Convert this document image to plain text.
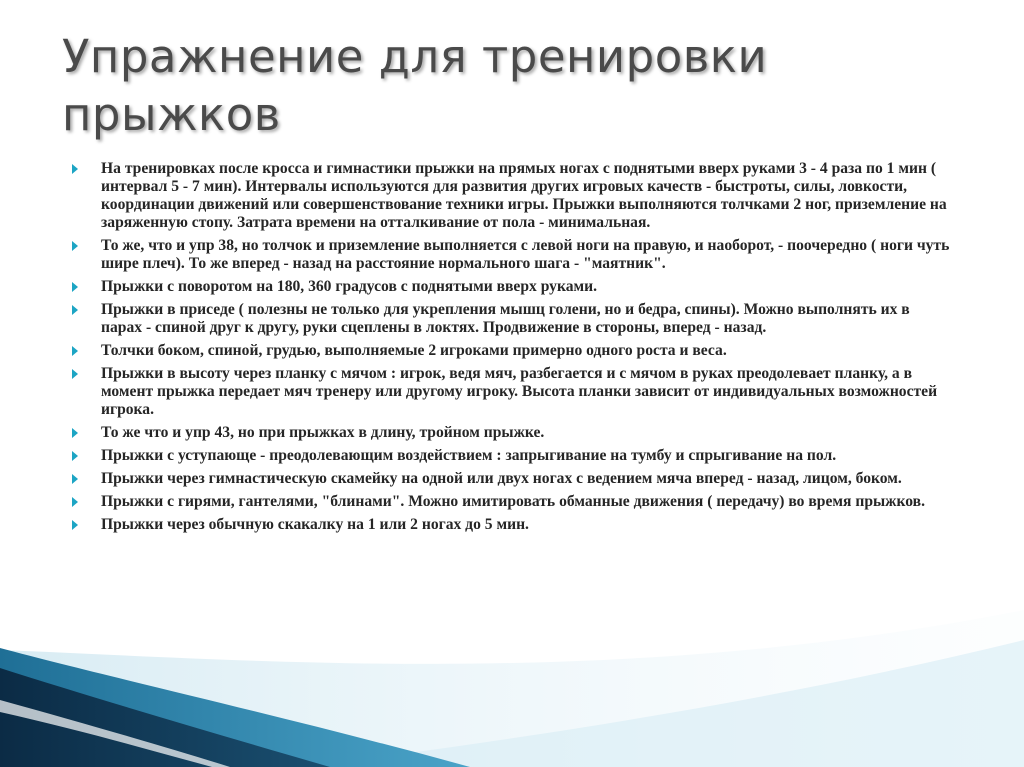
Упражнение для тренировки прыжков
На тренировках после кросса и гимнастики прыжки на прямых ногах с поднятыми вверх руками 3 - 4 раза по 1 мин ( интервал 5 - 7 мин). Интервалы используются для развития других игровых качеств - быстроты, силы, ловкости, координации движений или совершенствование техники игры. Прыжки выполняются толчками 2 ног, приземление на заряженную стопу. Затрата времени на отталкивание от пола - минимальная.
То же, что и упр 38, но толчок и приземление выполняется с левой ноги на правую, и наоборот, - поочередно ( ноги чуть шире плеч). То же вперед - назад на расстояние нормального шага - "маятник".
Прыжки с поворотом на 180, 360 градусов с поднятыми вверх руками.
Прыжки в приседе ( полезны не только для укрепления мышц голени, но и бедра, спины). Можно выполнять их в парах - спиной друг к другу, руки сцеплены в локтях. Продвижение в стороны, вперед - назад.
Толчки боком, спиной, грудью, выполняемые 2 игроками примерно одного роста и веса.
Прыжки в высоту через планку с мячом : игрок, ведя мяч, разбегается и с мячом в руках преодолевает планку, а в момент прыжка передает мяч тренеру или другому игроку. Высота планки зависит от индивидуальных возможностей игрока.
То же что и упр 43, но при прыжках в длину, тройном прыжке.
Прыжки с уступающе - преодолевающим воздействием : запрыгивание на тумбу и спрыгивание на пол.
Прыжки через гимнастическую скамейку на одной или двух ногах с ведением мяча вперед - назад, лицом, боком.
Прыжки с гирями, гантелями, "блинами". Можно имитировать обманные движения ( передачу) во время прыжков.
Прыжки через обычную скакалку на 1 или 2 ногах до 5 мин.
